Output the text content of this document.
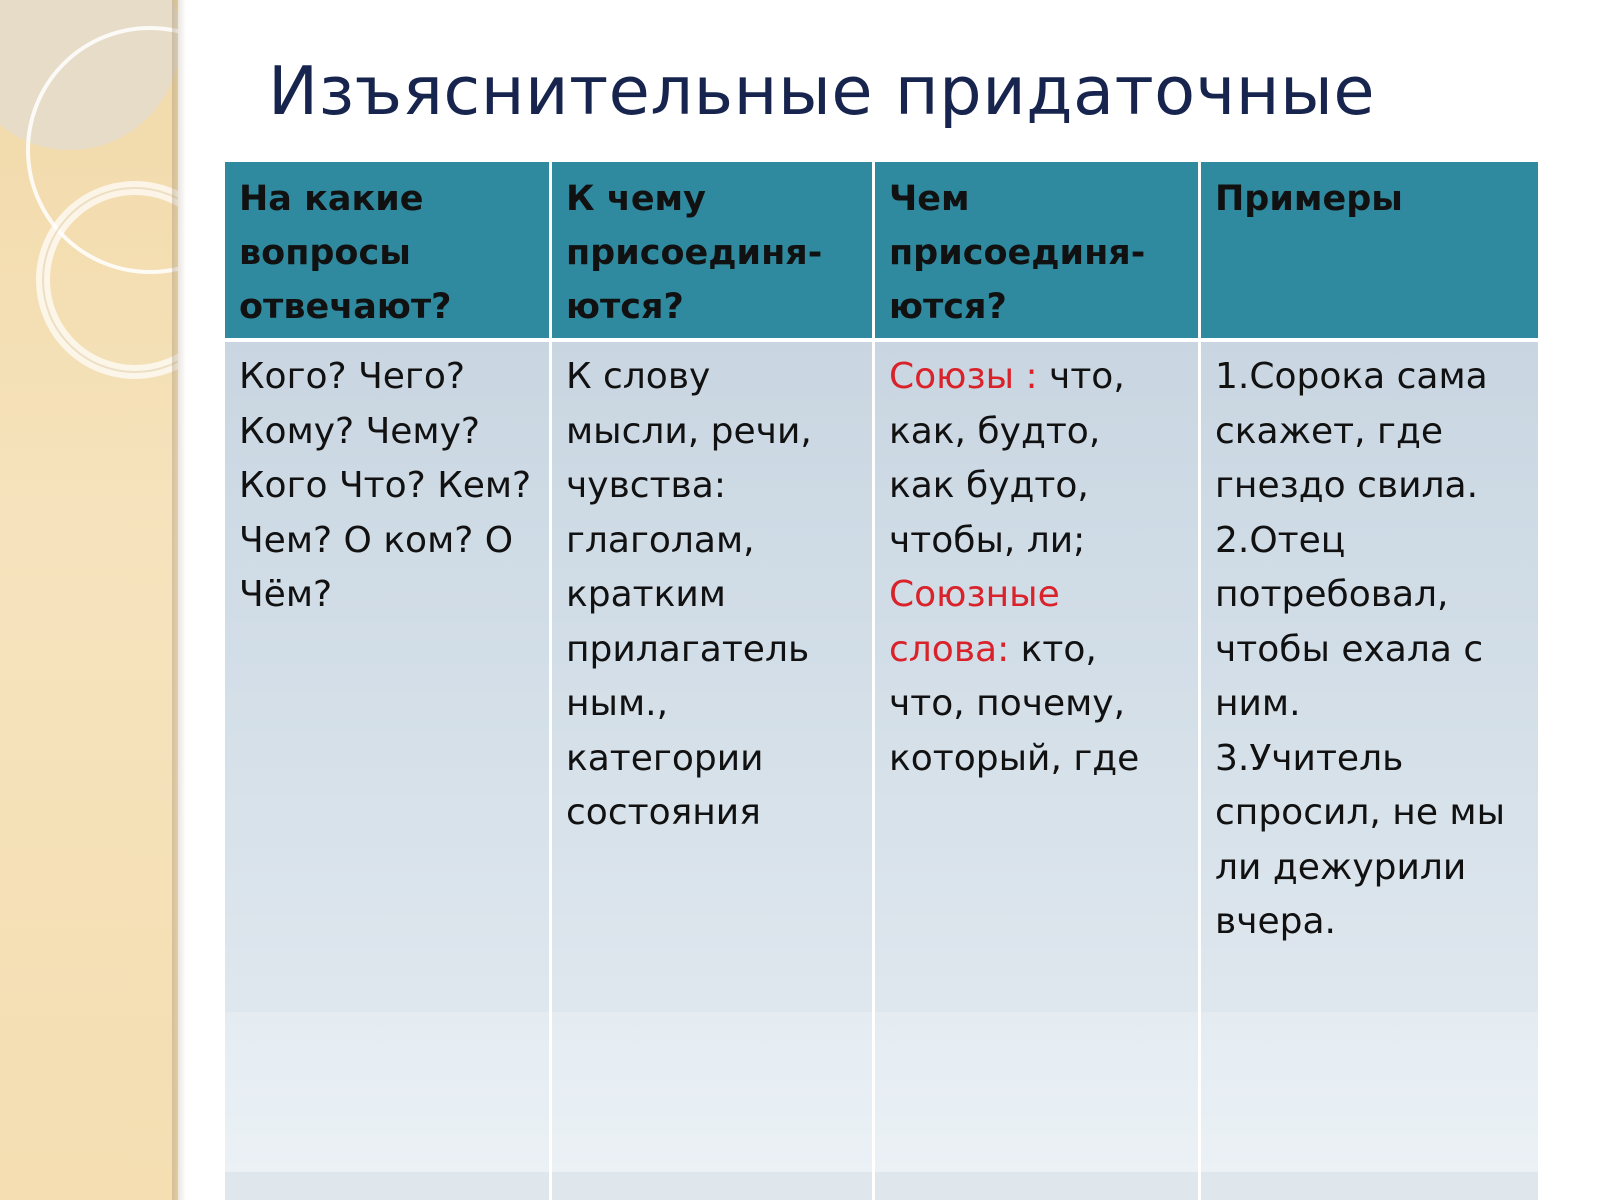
Изъяснительные придаточные
На какие
вопросы
отвечают?
К чему
присоединя-
ются?
Чем
присоединя-
ются?
Примеры
Кого? Чего?
Кому? Чему?
Кого Что? Кем?
Чем? О ком? О
Чём?
К слову
мысли, речи,
чувства:
глаголам,
кратким
прилагатель
ным.,
категории
состояния
Союзы : что,
как, будто,
как будто,
чтобы, ли;
Союзные
слова: кто,
что, почему,
который, где
1.Сорока сама
скажет, где
гнездо свила.
2.Отец
потребовал,
чтобы ехала с
ним.
3.Учитель
спросил, не мы
ли дежурили
вчера.
